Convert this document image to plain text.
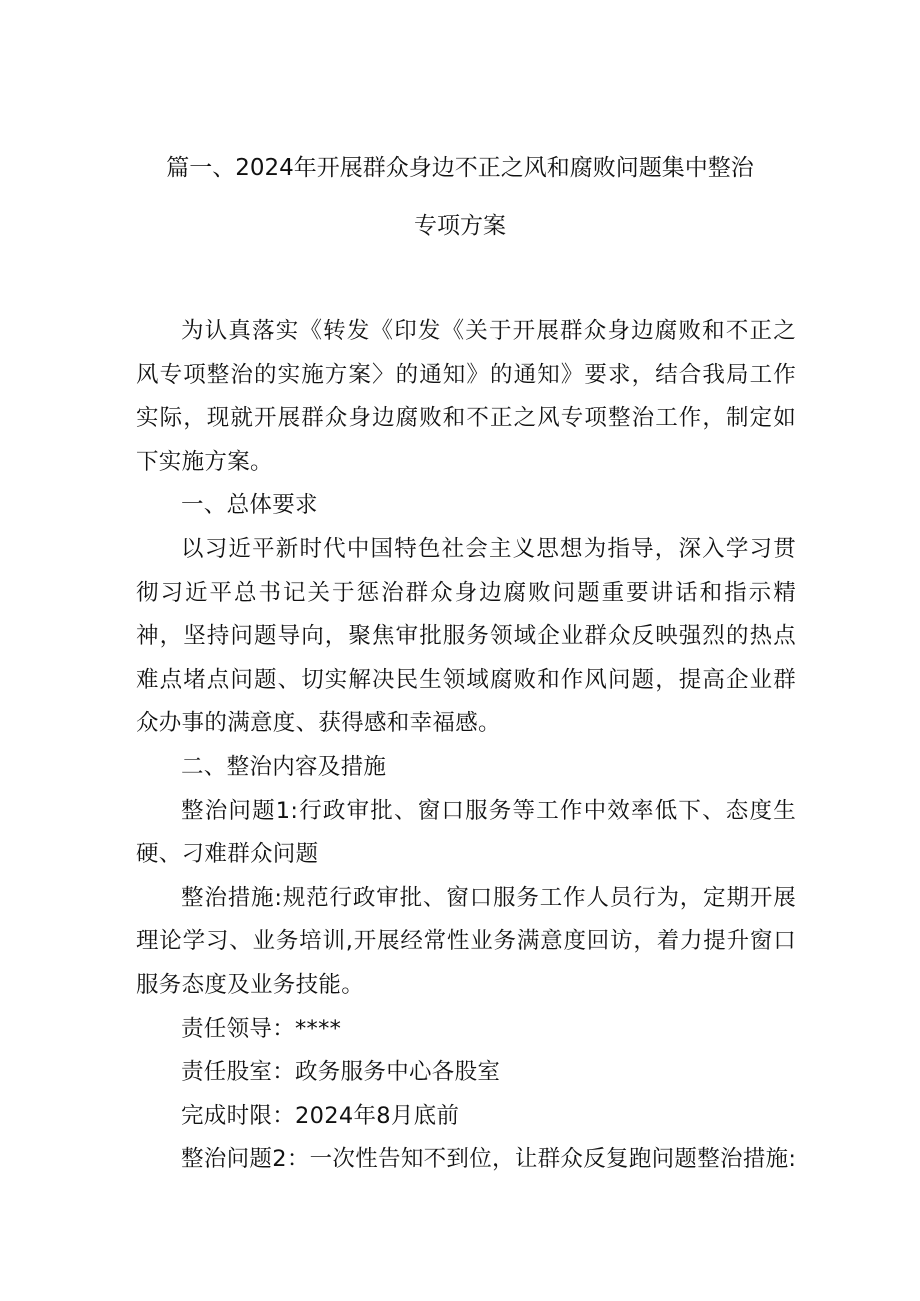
篇一、2024年开展群众身边不正之风和腐败问题集中整治
专项方案

为认真落实《转发《印发《关于开展群众身边腐败和不正之风专项整治的实施方案〉的通知》的通知》要求，结合我局工作实际，现就开展群众身边腐败和不正之风专项整治工作，制定如下实施方案。

一、总体要求

以习近平新时代中国特色社会主义思想为指导，深入学习贯彻习近平总书记关于惩治群众身边腐败问题重要讲话和指示精神，坚持问题导向，聚焦审批服务领域企业群众反映强烈的热点难点堵点问题、切实解决民生领域腐败和作风问题，提高企业群众办事的满意度、获得感和幸福感。

二、整治内容及措施

整治问题1:行政审批、窗口服务等工作中效率低下、态度生硬、刁难群众问题

整治措施:规范行政审批、窗口服务工作人员行为，定期开展理论学习、业务培训,开展经常性业务满意度回访，着力提升窗口服务态度及业务技能。

责任领导：****

责任股室：政务服务中心各股室

完成时限：2024年8月底前

整治问题2：一次性告知不到位，让群众反复跑问题整治措施:
